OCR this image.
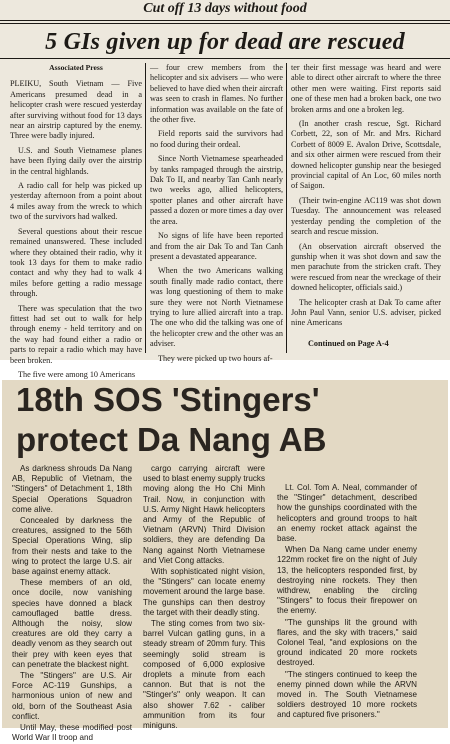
Cut off 13 days without food
5 GIs given up for dead are rescued
Associated Press

PLEIKU, South Vietnam — Five Americans presumed dead in a helicopter crash were rescued yesterday after surviving without food for 13 days near an airstrip captured by the enemy. Three were badly injured.

U.S. and South Vietnamese planes have been flying daily over the airstrip in the central highlands.

A radio call for help was picked up yesterday afternoon from a point about 4 miles away from the wreck to which two of the survivors had walked.

Several questions about their rescue remained unanswered. These included where they obtained their radio, why it took 13 days for them to make radio contact and why they had to walk 4 miles before getting a radio message through.

There was speculation that the two fittest had set out to walk for help through enemy - held territory and on the way had found either a radio or parts to repair a radio which may have been broken.

The five were among 10 Americans

— four crew members from the helicopter and six advisers — who were believed to have died when their aircraft was seen to crash in flames. No further information was available on the fate of the other five.

Field reports said the survivors had no food during their ordeal.

Since North Vietnamese spearheaded by tanks rampaged through the airstrip, Dak To II, and nearby Tan Canh nearly two weeks ago, allied helicopters, spotter planes and other aircraft have passed a dozen or more times a day over the area.

No signs of life have been reported and from the air Dak To and Tan Canh present a devastated appearance.

When the two Americans walking south finally made radio contact, there was long questioning of them to make sure they were not North Vietnamese trying to lure allied aircraft into a trap. The one who did the talking was one of the helicopter crew and the other was an adviser.

They were picked up two hours af-

ter their first message was heard and were able to direct other aircraft to where the three other men were waiting. First reports said one of these men had a broken back, one two broken arms and one a broken leg.

(In another crash rescue, Sgt. Richard Corbett, 22, son of Mr. and Mrs. Richard Corbett of 8009 E. Avalon Drive, Scottsdale, and six other airmen were rescued from their downed helicopter gunship near the besieged provincial capital of An Loc, 60 miles north of Saigon.

(Their twin-engine AC119 was shot down Tuesday. The announcement was released yesterday pending the completion of the search and rescue mission.

(An observation aircraft observed the gunship when it was shot down and saw the men parachute from the stricken craft. They were rescued from near the wreckage of their downed helicopter, officials said.)

The helicopter crash at Dak To came after John Paul Vann, senior U.S. adviser, picked nine Americans

Continued on Page A-4
18th SOS 'Stingers'
protect Da Nang AB

As darkness shrouds Da Nang AB, Republic of Vietnam, the "Stingers" of Detachment 1, 18th Special Operations Squadron come alive.

Concealed by darkness the creatures, assigned to the 56th Special Operations Wing, slip from their nests and take to the wing to protect the large U.S. air base against enemy attack.

These members of an old, once docile, now vanishing species have donned a black camouflaged battle dress. Although the noisy, slow creatures are old they carry a deadly venom as they search out their prey with keen eyes that can penetrate the blackest night.

The "Stingers" are U.S. Air Force AC-119 Gunships, a harmonious union of new and old, born of the Southeast Asia conflict.

Until May, these modified post World War II troop and

cargo carrying aircraft were used to blast enemy supply trucks moving along the Ho Chi Minh Trail. Now, in conjunction with U.S. Army Night Hawk helicopters and Army of the Republic of Vietnam (ARVN) Third Division soldiers, they are defending Da Nang against North Vietnamese and Viet Cong attacks.

With sophisticated night vision, the "Stingers" can locate enemy movement around the large base. The gunships can then destroy the target with their deadly sting.

The sting comes from two six-barrel Vulcan gatling guns, in a steady stream of 20mm fury. This seemingly solid stream is composed of 6,000 explosive droplets a minute from each cannon. But that is not the "Stinger's" only weapon. It can also shower 7.62 - caliber ammunition from its four miniguns.

Lt. Col. Tom A. Neal, commander of the "Stinger" detachment, described how the gunships coordinated with the helicopters and ground troops to halt an enemy rocket attack against the base.

When Da Nang came under enemy 122mm rocket fire on the night of July 13, the helicopters responded first, by destroying nine rockets. They then withdrew, enabling the circling "Stingers" to focus their firepower on the enemy.

"The gunships lit the ground with flares, and the sky with tracers," said Colonel Teal, "and explosions on the ground indicated 20 more rockets destroyed.

"The stingers continued to keep the enemy pinned down while the ARVN moved in. The South Vietnamese soldiers destroyed 10 more rockets and captured five prisoners."
